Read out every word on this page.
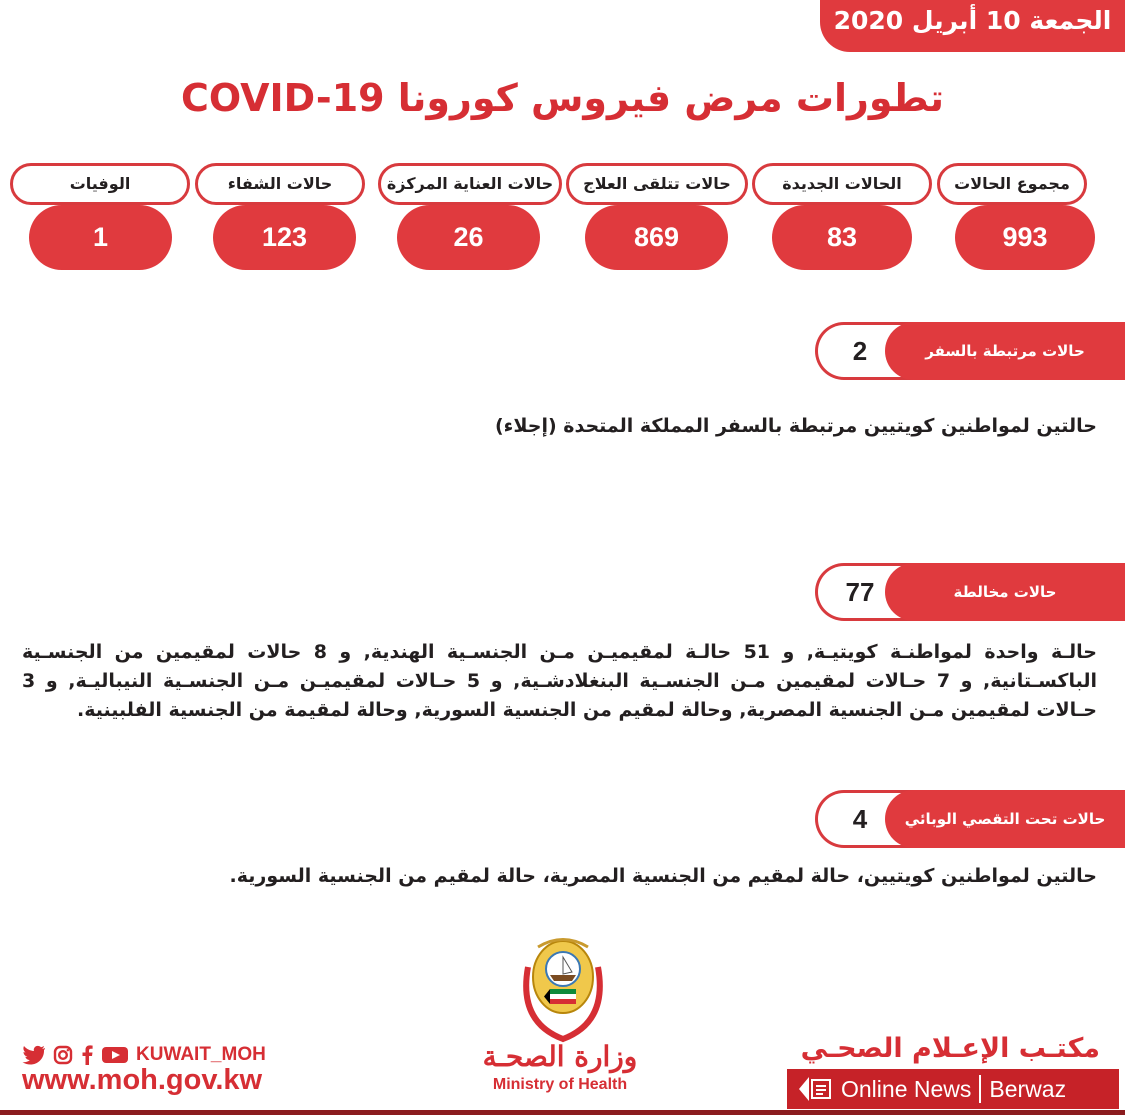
الجمعة 10 أبريل 2020
تطورات مرض فيروس كورونا COVID-19
مجموع الحالات
993
الحالات الجديدة
83
حالات تتلقى العلاج
869
حالات العناية المركزة
26
حالات الشفاء
123
الوفيات
1
حالات مرتبطة بالسفر
2
حالتين لمواطنين كويتيين مرتبطة بالسفر المملكة المتحدة (إجلاء)
حالات مخالطة
77
حالـة واحدة لمواطنـة كويتيـة, و 51 حالـة لمقيميـن مـن الجنسـية الهندية, و 8 حالات لمقيمين من الجنسـية الباكسـتانية, و 7 حـالات لمقيمين مـن الجنسـية البنغلادشـية, و 5 حـالات لمقيميـن مـن الجنسـية النيباليـة, و 3 حـالات لمقيمين مـن الجنسية المصرية, وحالة لمقيم من الجنسية السورية, وحالة لمقيمة من الجنسية الفلبينية.
حالات تحت التقصي الوبائي
4
حالتين لمواطنين كويتيين، حالة لمقيم من الجنسية المصرية، حالة لمقيم من الجنسية السورية.
وزارة الصحـة
Ministry of Health
KUWAIT_MOH
www.moh.gov.kw
مكتـب الإعـلام الصحـي
Online News Berwaz
